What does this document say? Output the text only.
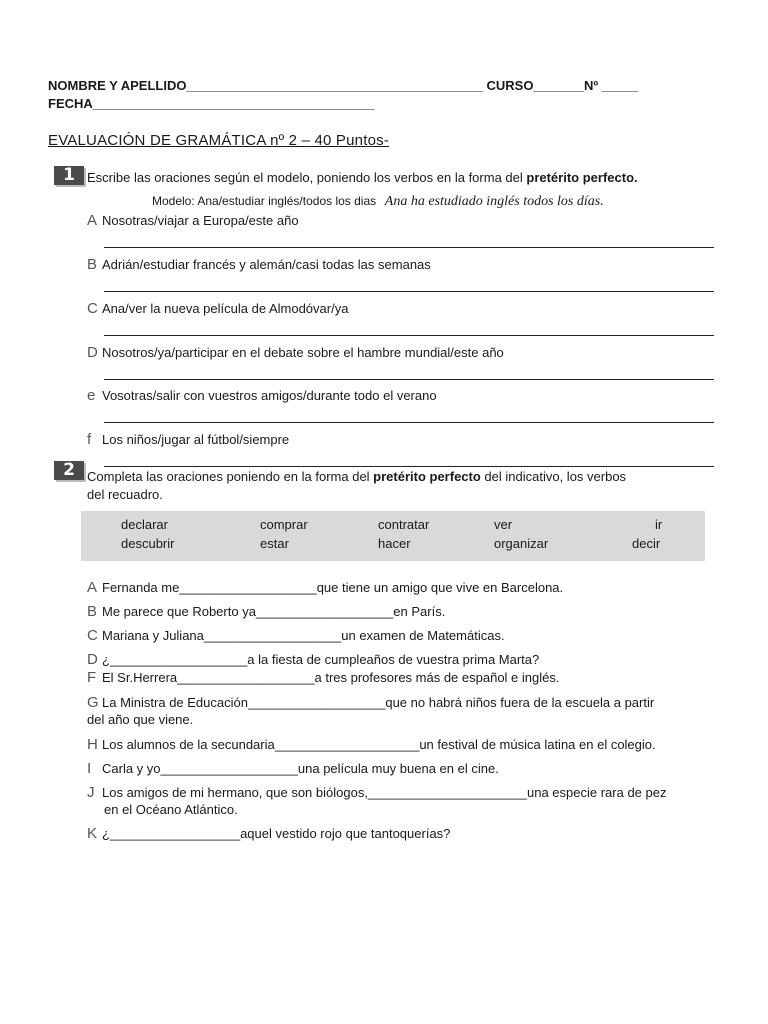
NOMBRE Y APELLIDO_________________________________________ CURSO_______Nº _____
FECHA_______________________________________
EVALUACIÓN DE GRAMÁTICA nº 2 – 40 Puntos-
1 Escribe las oraciones según el modelo, poniendo los verbos en la forma del pretérito perfecto.
Modelo: Ana/estudiar inglés/todos los dias Ana ha estudiado inglés todos los días.
A Nosotras/viajar a Europa/este año
B Adrián/estudiar francés y alemán/casi todas las semanas
C Ana/ver la nueva película de Almodóvar/ya
D Nosotros/ya/participar en el debate sobre el hambre mundial/este año
e Vosotras/salir con vuestros amigos/durante todo el verano
f Los niños/jugar al fútbol/siempre
2 Completa las oraciones poniendo en la forma del pretérito perfecto del indicativo, los verbos
del recuadro.
declarar	comprar	contratar	ver	ir
descubrir	estar	hacer	organizar	decir
A Fernanda me___________________que tiene un amigo que vive en Barcelona.
B Me parece que Roberto ya___________________en París.
C Mariana y Juliana___________________un examen de Matemáticas.
D ¿___________________a la fiesta de cumpleaños de vuestra prima Marta?
F El Sr.Herrera___________________a tres profesores más de español e inglés.
G La Ministra de Educación___________________que no habrá niños fuera de la escuela a partir
del año que viene.
H Los alumnos de la secundaria____________________un festival de música latina en el colegio.
I Carla y yo___________________una película muy buena en el cine.
J Los amigos de mi hermano, que son biólogos,______________________una especie rara de pez
en el Océano Atlántico.
K ¿__________________aquel vestido rojo que tantoquerías?
